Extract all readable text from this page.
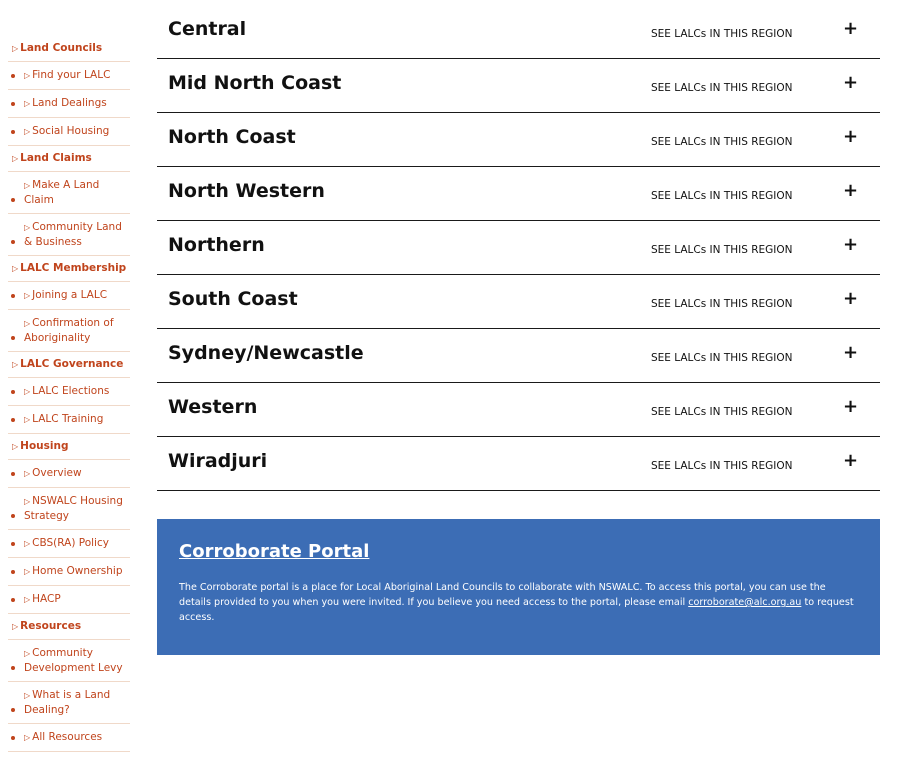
▷ Land Councils
▷ Find your LALC
▷ Land Dealings
▷ Social Housing
▷ Land Claims
▷ Make A Land Claim
▷ Community Land & Business
▷ LALC Membership
▷ Joining a LALC
▷ Confirmation of Aboriginality
▷ LALC Governance
▷ LALC Elections
▷ LALC Training
▷ Housing
▷ Overview
▷ NSWALC Housing Strategy
▷ CBS(RA) Policy
▷ Home Ownership
▷ HACP
▷ Resources
▷ Community Development Levy
▷ What is a Land Dealing?
▷ All Resources
Central	SEE LALCs IN THIS REGION	+
Mid North Coast	SEE LALCs IN THIS REGION	+
North Coast	SEE LALCs IN THIS REGION	+
North Western	SEE LALCs IN THIS REGION	+
Northern	SEE LALCs IN THIS REGION	+
South Coast	SEE LALCs IN THIS REGION	+
Sydney/Newcastle	SEE LALCs IN THIS REGION	+
Western	SEE LALCs IN THIS REGION	+
Wiradjuri	SEE LALCs IN THIS REGION	+
Corroborate Portal
The Corroborate portal is a place for Local Aboriginal Land Councils to collaborate with NSWALC. To access this portal, you can use the details provided to you when you were invited. If you believe you need access to the portal, please email corroborate@alc.org.au to request access.
